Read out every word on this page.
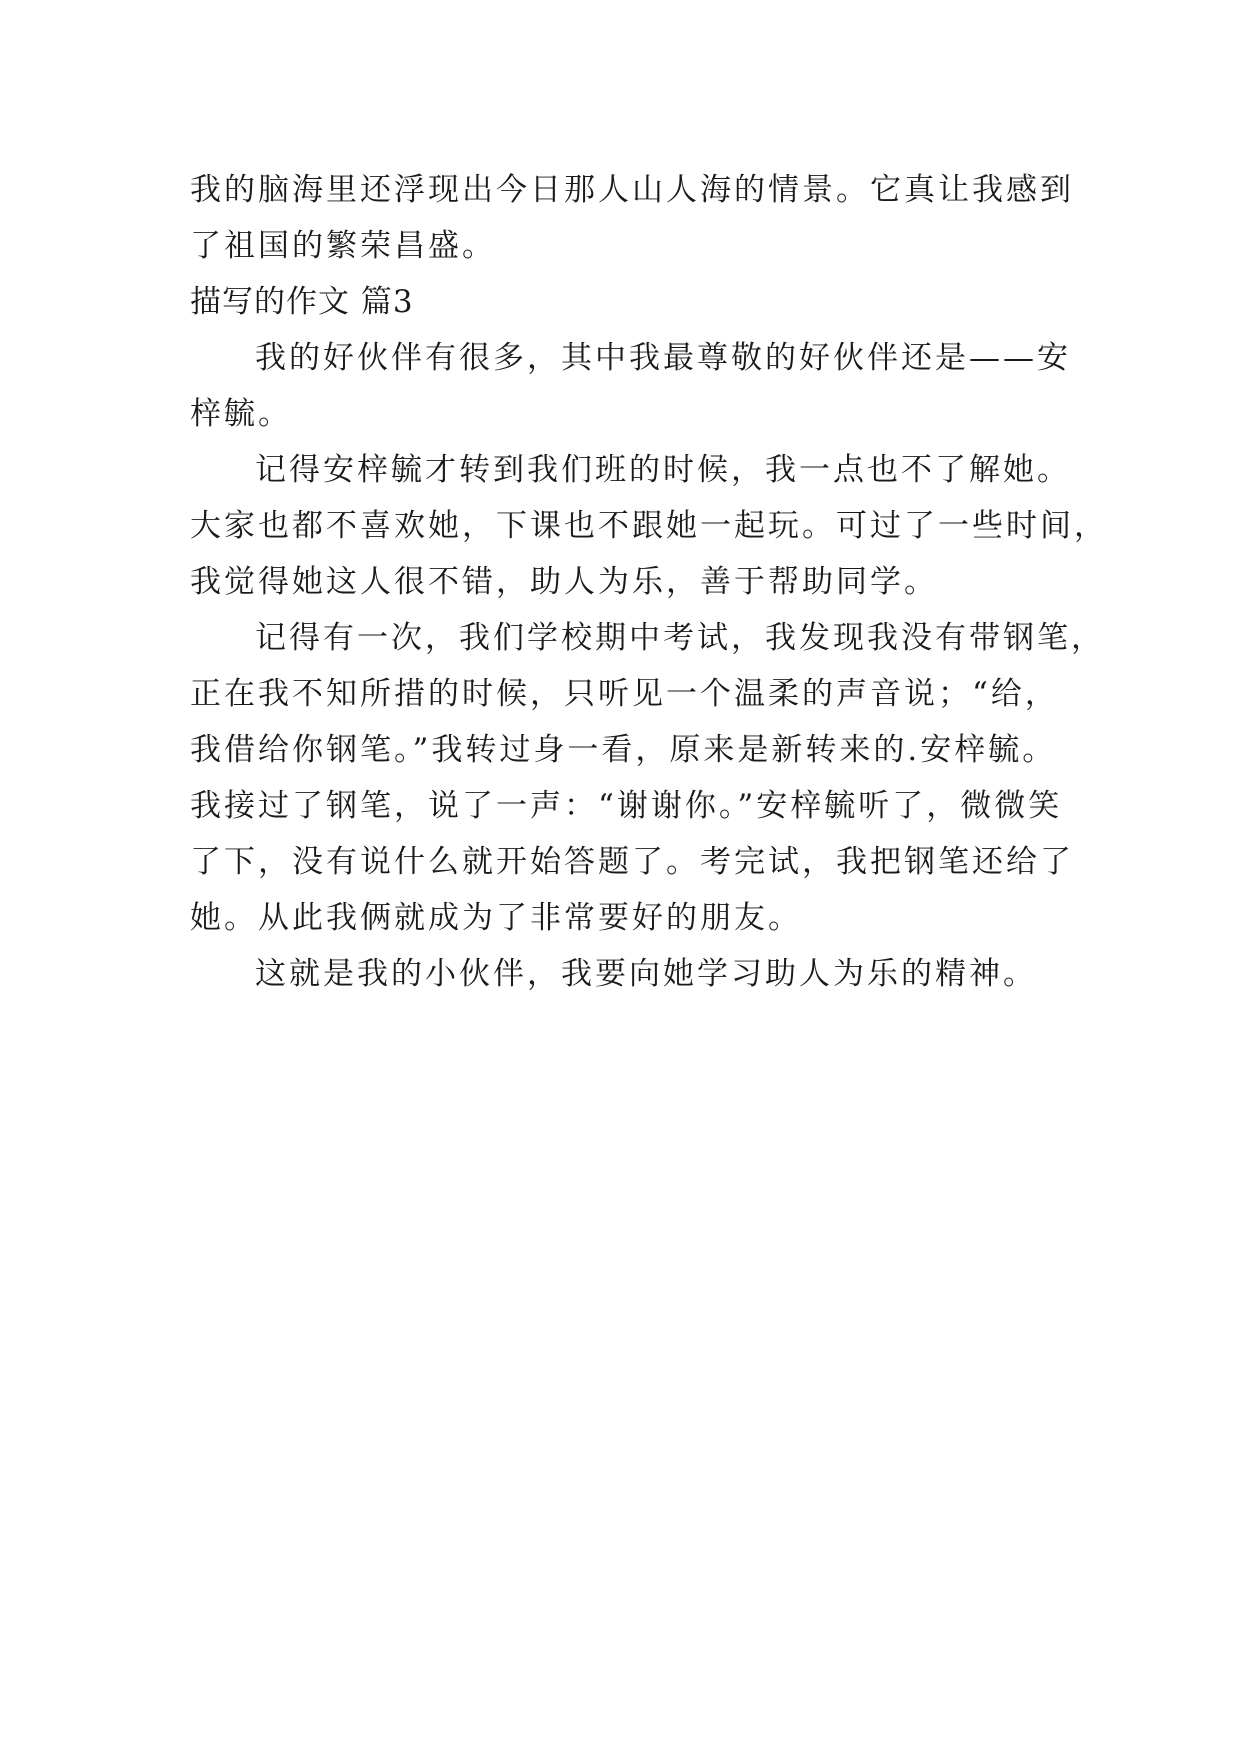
我的脑海里还浮现出今日那人山人海的情景。它真让我感到
了祖国的繁荣昌盛。
描写的作文 篇3
我的好伙伴有很多，其中我最尊敬的好伙伴还是——安
梓毓。
记得安梓毓才转到我们班的时候，我一点也不了解她。
大家也都不喜欢她，下课也不跟她一起玩。可过了一些时间，
我觉得她这人很不错，助人为乐，善于帮助同学。
记得有一次，我们学校期中考试，我发现我没有带钢笔，
正在我不知所措的时候，只听见一个温柔的声音说；“给，
我借给你钢笔。”我转过身一看，原来是新转来的.安梓毓。
我接过了钢笔，说了一声：“谢谢你。”安梓毓听了，微微笑
了下，没有说什么就开始答题了。考完试，我把钢笔还给了
她。从此我俩就成为了非常要好的朋友。
这就是我的小伙伴，我要向她学习助人为乐的精神。
